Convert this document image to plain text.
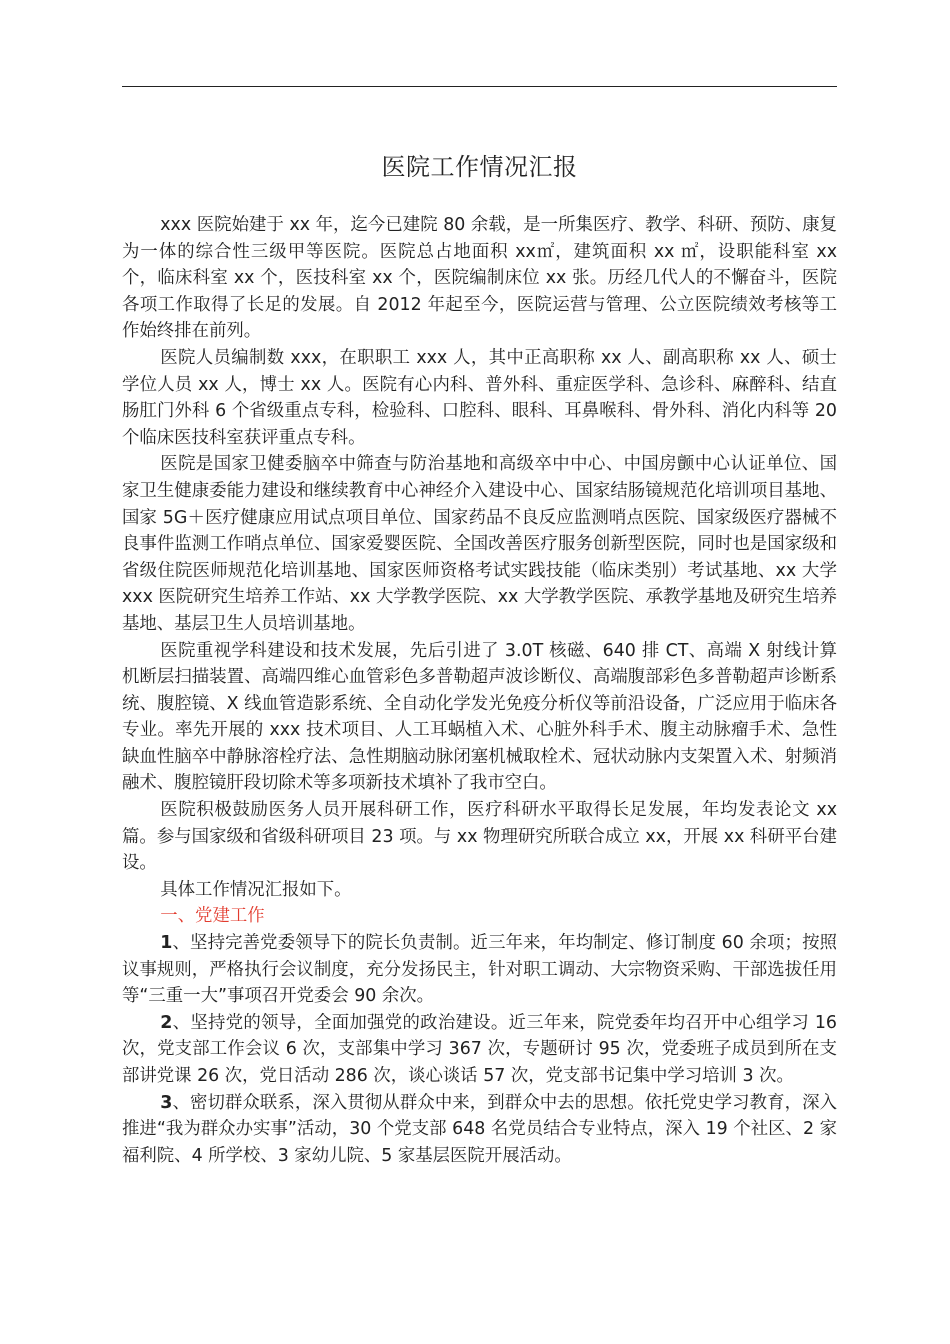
医院工作情况汇报

xxx 医院始建于 xx 年，迄今已建院 80 余载，是一所集医疗、教学、科研、预防、康复为一体的综合性三级甲等医院。医院总占地面积 xx㎡，建筑面积 xx ㎡，设职能科室 xx 个，临床科室 xx 个，医技科室 xx 个，医院编制床位 xx 张。历经几代人的不懈奋斗，医院各项工作取得了长足的发展。自 2012 年起至今，医院运营与管理、公立医院绩效考核等工作始终排在前列。

医院人员编制数 xxx，在职职工 xxx 人，其中正高职称 xx 人、副高职称 xx 人、硕士学位人员 xx 人，博士 xx 人。医院有心内科、普外科、重症医学科、急诊科、麻醉科、结直肠肛门外科 6 个省级重点专科，检验科、口腔科、眼科、耳鼻喉科、骨外科、消化内科等 20 个临床医技科室获评重点专科。

医院是国家卫健委脑卒中筛查与防治基地和高级卒中中心、中国房颤中心认证单位、国家卫生健康委能力建设和继续教育中心神经介入建设中心、国家结肠镜规范化培训项目基地、国家 5G＋医疗健康应用试点项目单位、国家药品不良反应监测哨点医院、国家级医疗器械不良事件监测工作哨点单位、国家爱婴医院、全国改善医疗服务创新型医院，同时也是国家级和省级住院医师规范化培训基地、国家医师资格考试实践技能（临床类别）考试基地、xx 大学 xxx 医院研究生培养工作站、xx 大学教学医院、xx 大学教学医院、承教学基地及研究生培养基地、基层卫生人员培训基地。

医院重视学科建设和技术发展，先后引进了 3.0T 核磁、640 排 CT、高端 X 射线计算机断层扫描装置、高端四维心血管彩色多普勒超声波诊断仪、高端腹部彩色多普勒超声诊断系统、腹腔镜、X 线血管造影系统、全自动化学发光免疫分析仪等前沿设备，广泛应用于临床各专业。率先开展的 xxx 技术项目、人工耳蜗植入术、心脏外科手术、腹主动脉瘤手术、急性缺血性脑卒中静脉溶栓疗法、急性期脑动脉闭塞机械取栓术、冠状动脉内支架置入术、射频消融术、腹腔镜肝段切除术等多项新技术填补了我市空白。

医院积极鼓励医务人员开展科研工作，医疗科研水平取得长足发展，年均发表论文 xx 篇。参与国家级和省级科研项目 23 项。与 xx 物理研究所联合成立 xx，开展 xx 科研平台建设。

具体工作情况汇报如下。

一、党建工作

1、坚持完善党委领导下的院长负责制。近三年来，年均制定、修订制度 60 余项；按照议事规则，严格执行会议制度，充分发扬民主，针对职工调动、大宗物资采购、干部选拔任用等“三重一大”事项召开党委会 90 余次。

2、坚持党的领导，全面加强党的政治建设。近三年来，院党委年均召开中心组学习 16 次，党支部工作会议 6 次，支部集中学习 367 次，专题研讨 95 次，党委班子成员到所在支部讲党课 26 次，党日活动 286 次，谈心谈话 57 次，党支部书记集中学习培训 3 次。

3、密切群众联系，深入贯彻从群众中来，到群众中去的思想。依托党史学习教育，深入推进“我为群众办实事”活动，30 个党支部 648 名党员结合专业特点，深入 19 个社区、2 家福利院、4 所学校、3 家幼儿院、5 家基层医院开展活动。
